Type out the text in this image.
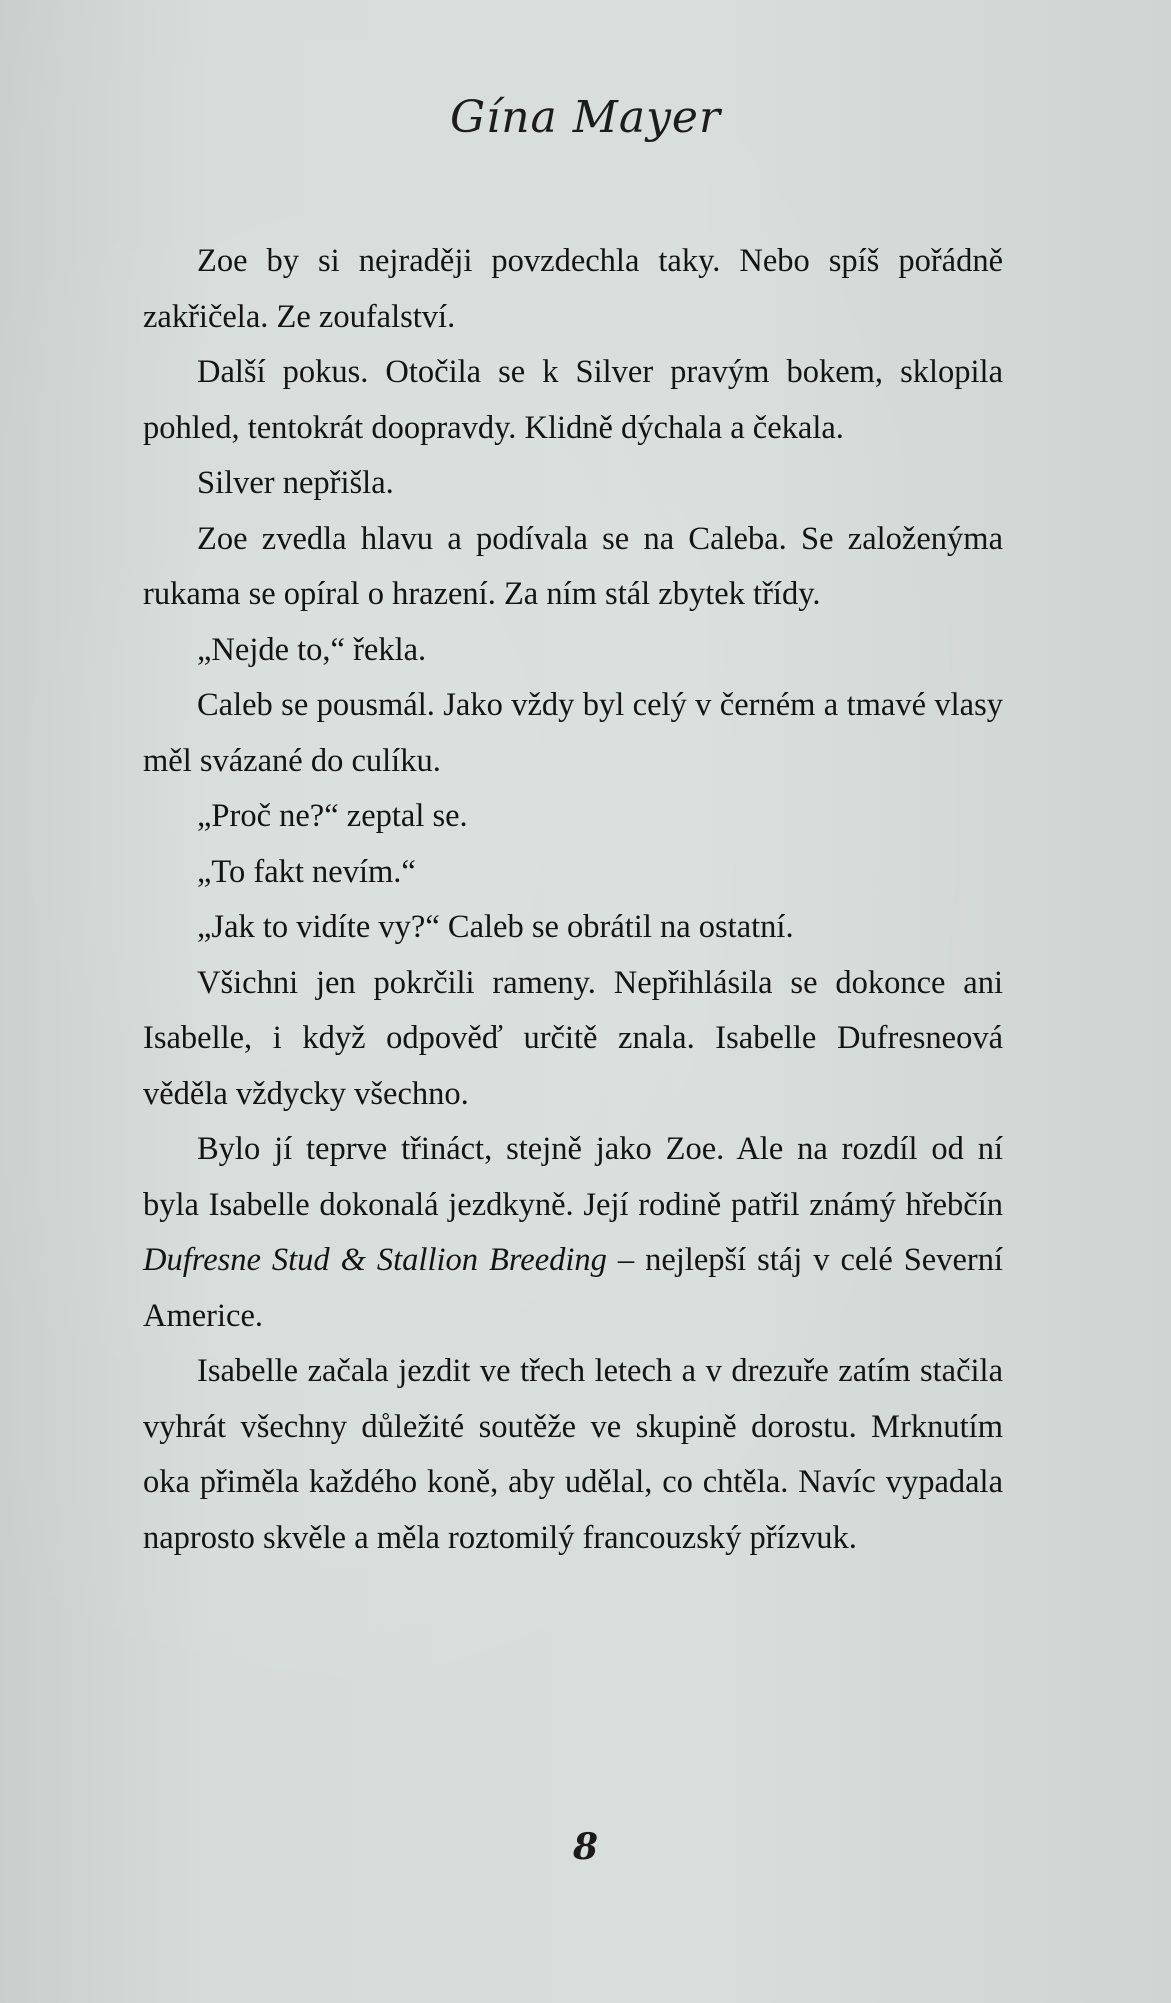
Gína Mayer

Zoe by si nejraději povzdechla taky. Nebo spíš pořádně zakřičela. Ze zoufalství.

Další pokus. Otočila se k Silver pravým bokem, sklopila pohled, tentokrát doopravdy. Klidně dýchala a čekala.

Silver nepřišla.

Zoe zvedla hlavu a podívala se na Caleba. Se založenýma rukama se opíral o hrazení. Za ním stál zbytek třídy.

„Nejde to,“ řekla.

Caleb se pousmál. Jako vždy byl celý v černém a tmavé vlasy měl svázané do culíku.

„Proč ne?“ zeptal se.

„To fakt nevím.“

„Jak to vidíte vy?“ Caleb se obrátil na ostatní.

Všichni jen pokrčili rameny. Nepřihlásila se dokonce ani Isabelle, i když odpověď určitě znala. Isabelle Dufresneová věděla vždycky všechno.

Bylo jí teprve třináct, stejně jako Zoe. Ale na rozdíl od ní byla Isabelle dokonalá jezdkyně. Její rodině patřil známý hřebčín Dufresne Stud & Stallion Breeding – nejlepší stáj v celé Severní Americe.

Isabelle začala jezdit ve třech letech a v drezuře zatím stačila vyhrát všechny důležité soutěže ve skupině dorostu. Mrknutím oka přiměla každého koně, aby udělal, co chtěla. Navíc vypadala naprosto skvěle a měla roztomilý francouzský přízvuk.

8
